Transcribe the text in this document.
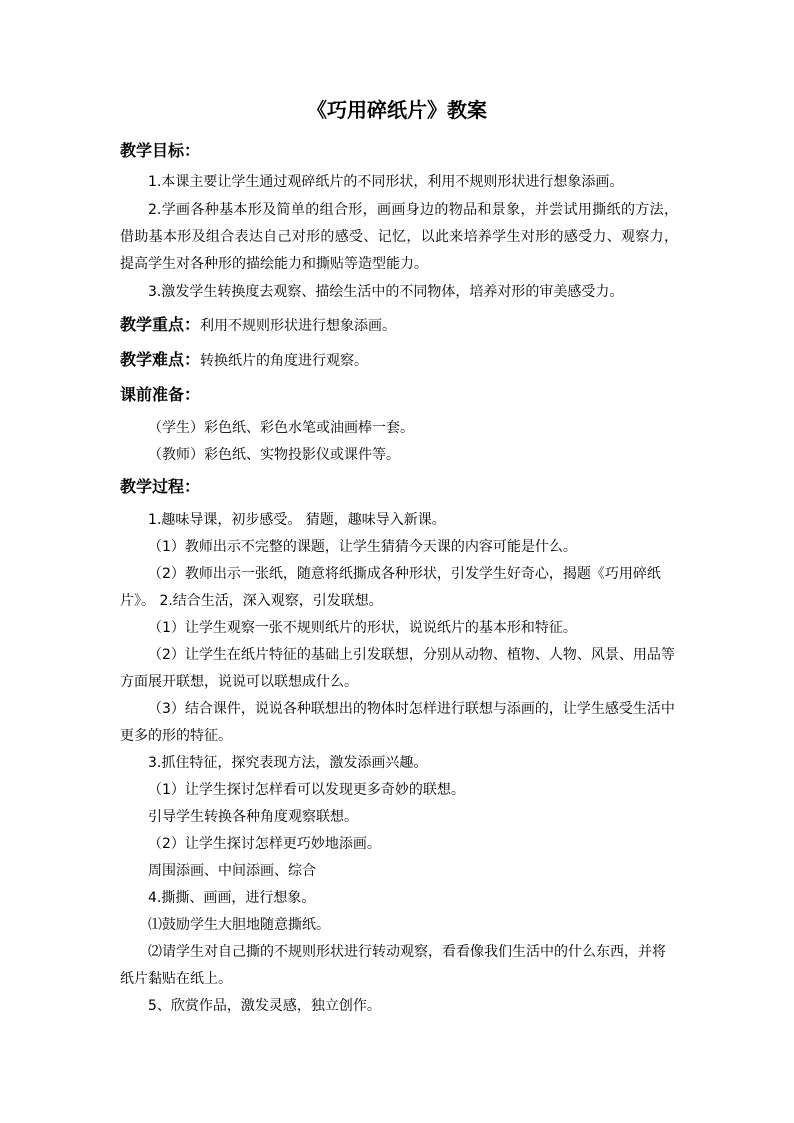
《巧用碎纸片》教案
教学目标：

1.本课主要让学生通过观碎纸片的不同形状，利用不规则形状进行想象添画。

2.学画各种基本形及简单的组合形，画画身边的物品和景象，并尝试用撕纸的方法，借助基本形及组合表达自己对形的感受、记忆，以此来培养学生对形的感受力、观察力，提高学生对各种形的描绘能力和撕贴等造型能力。

3.激发学生转换度去观察、描绘生活中的不同物体，培养对形的审美感受力。

教学重点：利用不规则形状进行想象添画。
教学难点：转换纸片的角度进行观察。
课前准备：

（学生）彩色纸、彩色水笔或油画棒一套。

（教师）彩色纸、实物投影仪或课件等。

教学过程：

1.趣味导课，初步感受。 猜题，趣味导入新课。

（1）教师出示不完整的课题，让学生猜猜今天课的内容可能是什么。

（2）教师出示一张纸，随意将纸撕成各种形状，引发学生好奇心，揭题《巧用碎纸

片》。 2.结合生活，深入观察，引发联想。

（1）让学生观察一张不规则纸片的形状，说说纸片的基本形和特征。

（2）让学生在纸片特征的基础上引发联想，分别从动物、植物、人物、风景、用品等

方面展开联想，说说可以联想成什么。

（3）结合课件，说说各种联想出的物体时怎样进行联想与添画的，让学生感受生活中

更多的形的特征。

3.抓住特征，探究表现方法，激发添画兴趣。

（1）让学生探讨怎样看可以发现更多奇妙的联想。

引导学生转换各种角度观察联想。

（2）让学生探讨怎样更巧妙地添画。

周围添画、中间添画、综合

4.撕撕、画画，进行想象。

⑴鼓励学生大胆地随意撕纸。

⑵请学生对自己撕的不规则形状进行转动观察，看看像我们生活中的什么东西，并将

纸片黏贴在纸上。

5、欣赏作品，激发灵感，独立创作。
